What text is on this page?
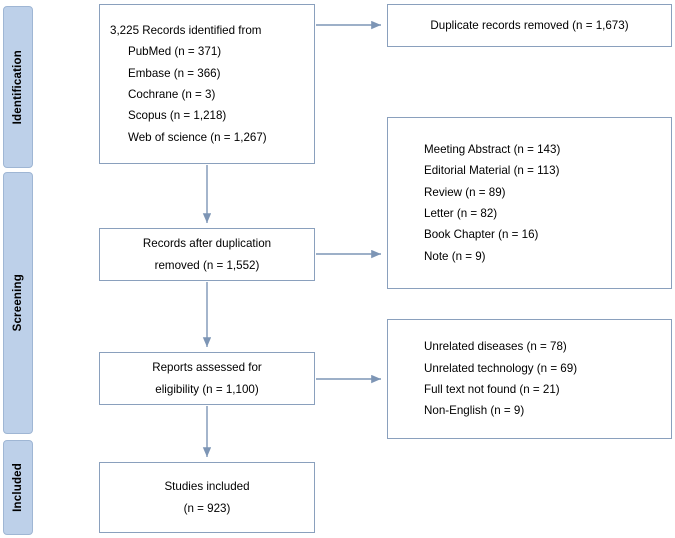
Identification
Screening
Included
3,225 Records identified from
PubMed (n = 371)
Embase (n = 366)
Cochrane (n = 3)
Scopus (n = 1,218)
Web of science (n = 1,267)
Duplicate records removed (n = 1,673)
Meeting Abstract (n = 143)
Editorial Material (n = 113)
Review (n = 89)
Letter (n = 82)
Book Chapter (n = 16)
Note (n = 9)
Records after duplication
removed (n = 1,552)
Unrelated diseases (n = 78)
Unrelated technology (n = 69)
Full text not found (n = 21)
Non-English (n = 9)
Reports assessed for
eligibility (n = 1,100)
Studies included
(n = 923)
